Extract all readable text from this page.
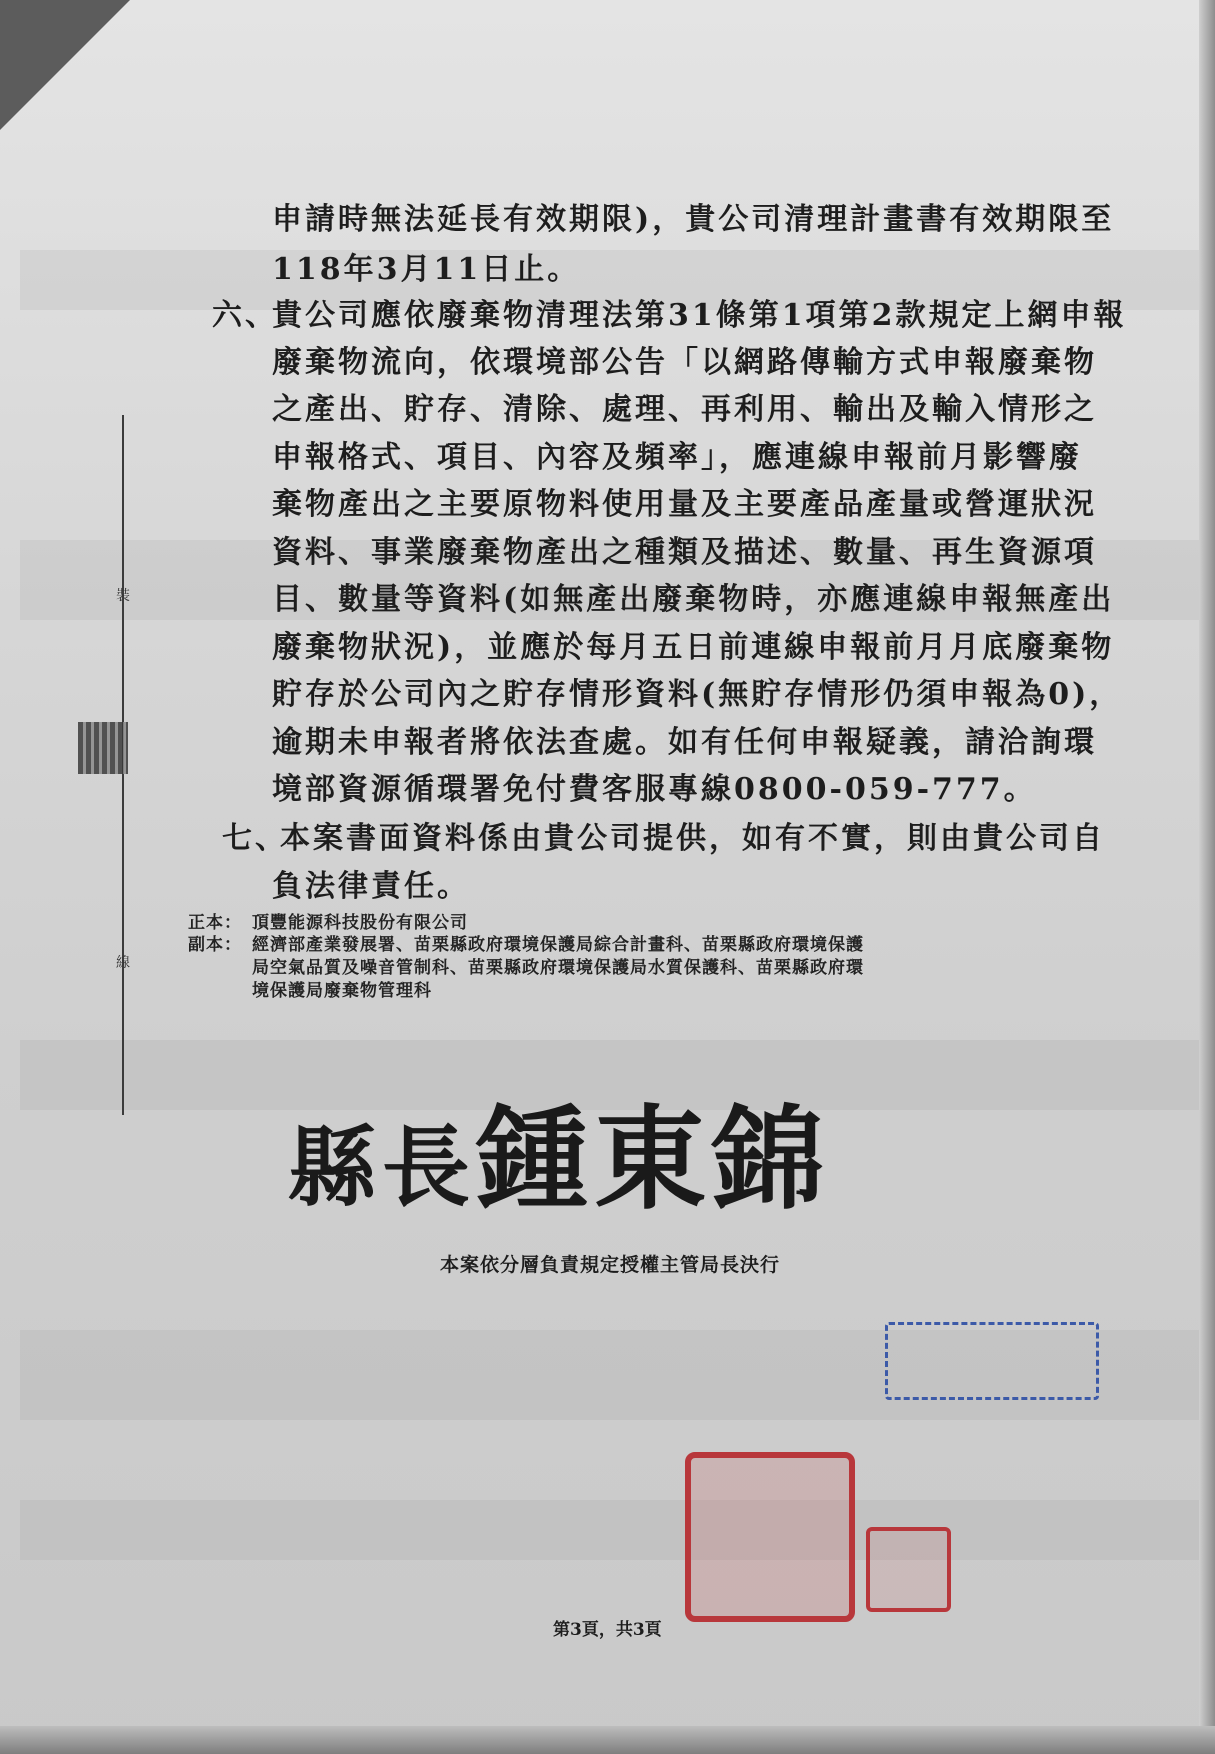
裝
線
申請時無法延長有效期限)，貴公司清理計畫書有效期限至
118年3月11日止。
六、
貴公司應依廢棄物清理法第31條第1項第2款規定上網申報
廢棄物流向，依環境部公告「以網路傳輸方式申報廢棄物
之產出、貯存、清除、處理、再利用、輸出及輸入情形之
申報格式、項目、內容及頻率」，應連線申報前月影響廢
棄物產出之主要原物料使用量及主要產品產量或營運狀況
資料、事業廢棄物產出之種類及描述、數量、再生資源項
目、數量等資料(如無產出廢棄物時，亦應連線申報無產出
廢棄物狀況)，並應於每月五日前連線申報前月月底廢棄物
貯存於公司內之貯存情形資料(無貯存情形仍須申報為0)，
逾期未申報者將依法查處。如有任何申報疑義，請洽詢環
境部資源循環署免付費客服專線0800-059-777。
七、
本案書面資料係由貴公司提供，如有不實，則由貴公司自
負法律責任。
正本： 頂豐能源科技股份有限公司
副本： 經濟部產業發展署、苗栗縣政府環境保護局綜合計畫科、苗栗縣政府環境保護
局空氣品質及噪音管制科、苗栗縣政府環境保護局水質保護科、苗栗縣政府環
境保護局廢棄物管理科
縣長鍾東錦
本案依分層負責規定授權主管局長決行
第3頁，共3頁
